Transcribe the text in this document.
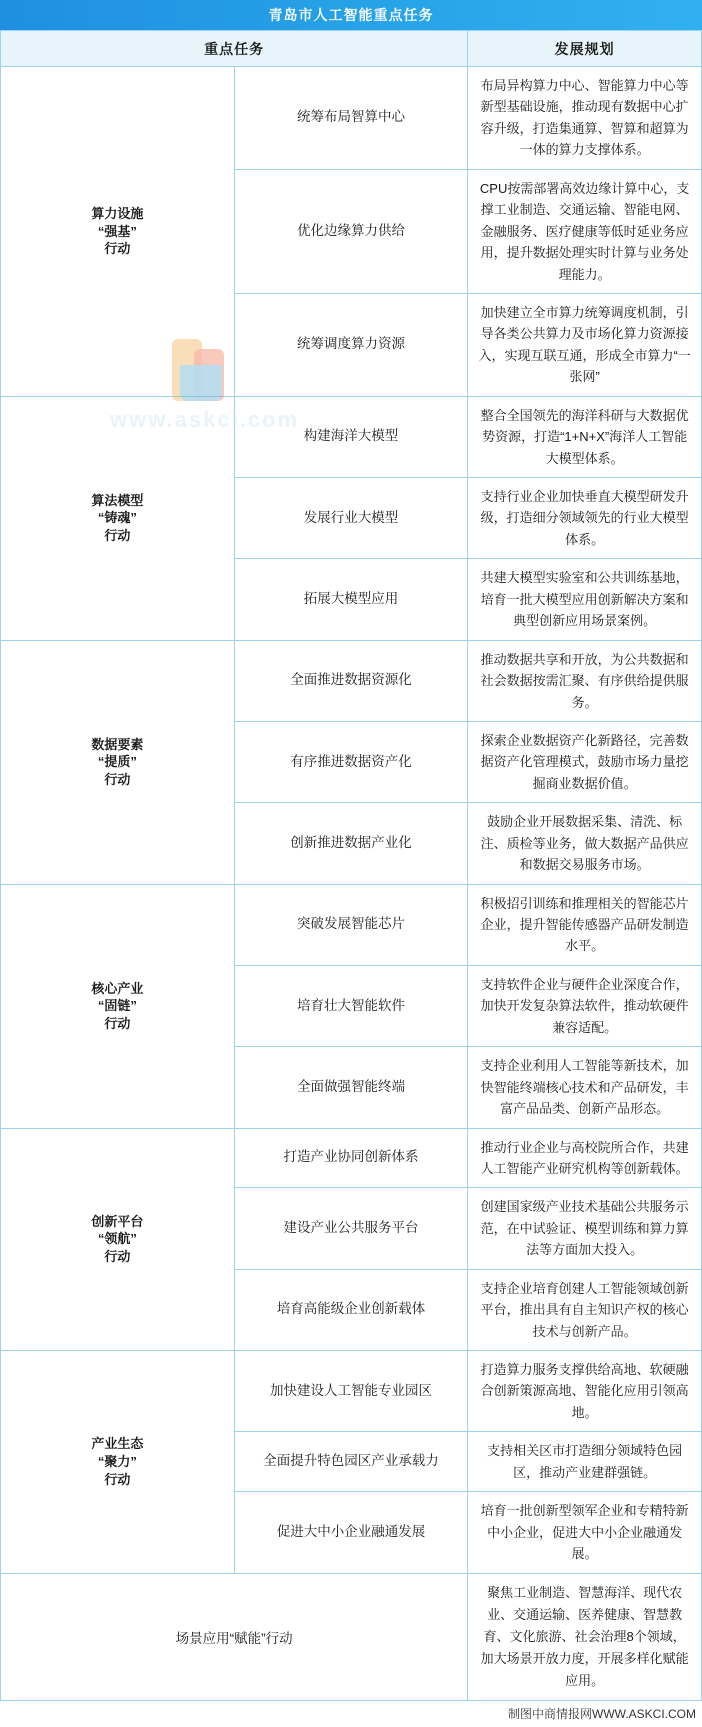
青岛市人工智能重点任务
www.askci.com
重点任务		发展规划
算力设施
“强基”
行动	统筹布局智算中心	布局异构算力中心、智能算力中心等新型基础设施，推动现有数据中心扩容升级，打造集通算、智算和超算为一体的算力支撑体系。
	优化边缘算力供给	CPU按需部署高效边缘计算中心，支撑工业制造、交通运输、智能电网、金融服务、医疗健康等低时延业务应用，提升数据处理实时计算与业务处理能力。
	统筹调度算力资源	加快建立全市算力统筹调度机制，引导各类公共算力及市场化算力资源接入，实现互联互通，形成全市算力“一张网”
算法模型
“铸魂”
行动	构建海洋大模型	整合全国领先的海洋科研与大数据优势资源，打造“1+N+X”海洋人工智能大模型体系。
	发展行业大模型	支持行业企业加快垂直大模型研发升级，打造细分领域领先的行业大模型体系。
	拓展大模型应用	共建大模型实验室和公共训练基地，培育一批大模型应用创新解决方案和典型创新应用场景案例。
数据要素
“提质”
行动	全面推进数据资源化	推动数据共享和开放，为公共数据和社会数据按需汇聚、有序供给提供服务。
	有序推进数据资产化	探索企业数据资产化新路径，完善数据资产化管理模式，鼓励市场力量挖掘商业数据价值。
	创新推进数据产业化	鼓励企业开展数据采集、清洗、标注、质检等业务，做大数据产品供应和数据交易服务市场。
核心产业
“固链”
行动	突破发展智能芯片	积极招引训练和推理相关的智能芯片企业，提升智能传感器产品研发制造水平。
	培育壮大智能软件	支持软件企业与硬件企业深度合作，加快开发复杂算法软件，推动软硬件兼容适配。
	全面做强智能终端	支持企业利用人工智能等新技术，加快智能终端核心技术和产品研发，丰富产品品类、创新产品形态。
创新平台
“领航”
行动	打造产业协同创新体系	推动行业企业与高校院所合作，共建人工智能产业研究机构等创新载体。
	建设产业公共服务平台	创建国家级产业技术基础公共服务示范，在中试验证、模型训练和算力算法等方面加大投入。
	培育高能级企业创新载体	支持企业培育创建人工智能领域创新平台，推出具有自主知识产权的核心技术与创新产品。
产业生态
“聚力”
行动	加快建设人工智能专业园区	打造算力服务支撑供给高地、软硬融合创新策源高地、智能化应用引领高地。
	全面提升特色园区产业承载力	支持相关区市打造细分领域特色园区，推动产业建群强链。
	促进大中小企业融通发展	培育一批创新型领军企业和专精特新中小企业，促进大中小企业融通发展。
场景应用“赋能”行动		聚焦工业制造、智慧海洋、现代农业、交通运输、医养健康、智慧教育、文化旅游、社会治理8个领域，加大场景开放力度，开展多样化赋能应用。
制图中商情报网WWW.ASKCI.COM
